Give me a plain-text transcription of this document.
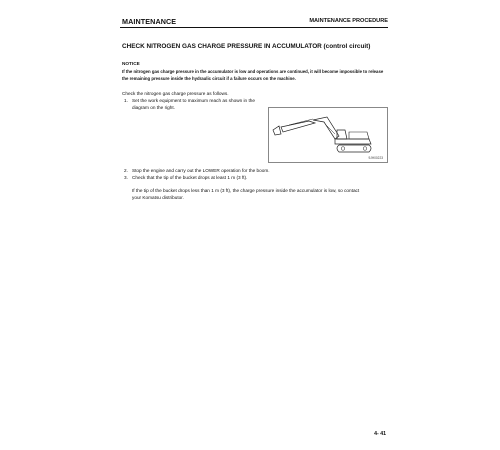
MAINTENANCE	MAINTENANCE PROCEDURE
CHECK NITROGEN GAS CHARGE PRESSURE IN ACCUMULATOR (control circuit)
NOTICE
If the nitrogen gas charge pressure in the accumulator is low and operations are continued, it will become impossible to release
the remaining pressure inside the hydraulic circuit if a failure occurs on the machine.
Check the nitrogen gas charge pressure as follows.
1. Set the work equipment to maximum reach as shown in the
diagram on the right.
9JH00223
2. Stop the engine and carry out the LOWER operation for the boom.
3. Check that the tip of the bucket drops at least 1 m (3 ft).
If the tip of the bucket drops less than 1 m (3 ft), the charge pressure inside the accumulator is low, so contact
your Komatsu distributor.
4- 41
